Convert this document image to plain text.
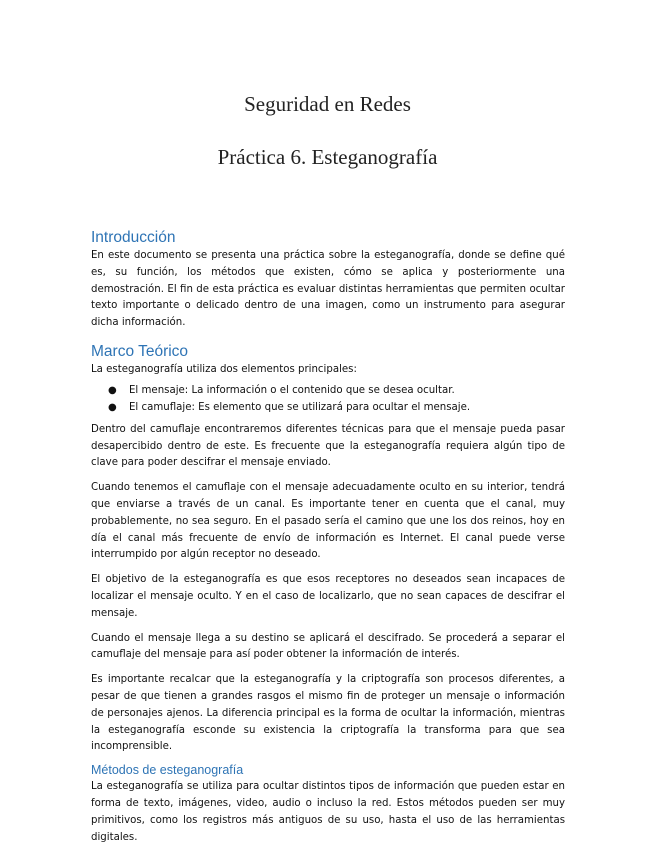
Seguridad en Redes
Práctica 6. Esteganografía
Introducción

En este documento se presenta una práctica sobre la esteganografía, donde se define qué es, su función, los métodos que existen, cómo se aplica y posteriormente una demostración. El fin de esta práctica es evaluar distintas herramientas que permiten ocultar texto importante o delicado dentro de una imagen, como un instrumento para asegurar dicha información.

Marco Teórico

La esteganografía utiliza dos elementos principales:

● El mensaje: La información o el contenido que se desea ocultar.
● El camuflaje: Es elemento que se utilizará para ocultar el mensaje.

Dentro del camuflaje encontraremos diferentes técnicas para que el mensaje pueda pasar desapercibido dentro de este. Es frecuente que la esteganografía requiera algún tipo de clave para poder descifrar el mensaje enviado.

Cuando tenemos el camuflaje con el mensaje adecuadamente oculto en su interior, tendrá que enviarse a través de un canal. Es importante tener en cuenta que el canal, muy probablemente, no sea seguro. En el pasado sería el camino que une los dos reinos, hoy en día el canal más frecuente de envío de información es Internet. El canal puede verse interrumpido por algún receptor no deseado.

El objetivo de la esteganografía es que esos receptores no deseados sean incapaces de localizar el mensaje oculto. Y en el caso de localizarlo, que no sean capaces de descifrar el mensaje.

Cuando el mensaje llega a su destino se aplicará el descifrado. Se procederá a separar el camuflaje del mensaje para así poder obtener la información de interés.

Es importante recalcar que la esteganografía y la criptografía son procesos diferentes, a pesar de que tienen a grandes rasgos el mismo fin de proteger un mensaje o información de personajes ajenos. La diferencia principal es la forma de ocultar la información, mientras la esteganografía esconde su existencia la criptografía la transforma para que sea incomprensible.

Métodos de esteganografía

La esteganografía se utiliza para ocultar distintos tipos de información que pueden estar en forma de texto, imágenes, video, audio o incluso la red. Estos métodos pueden ser muy primitivos, como los registros más antiguos de su uso, hasta el uso de las herramientas digitales.
